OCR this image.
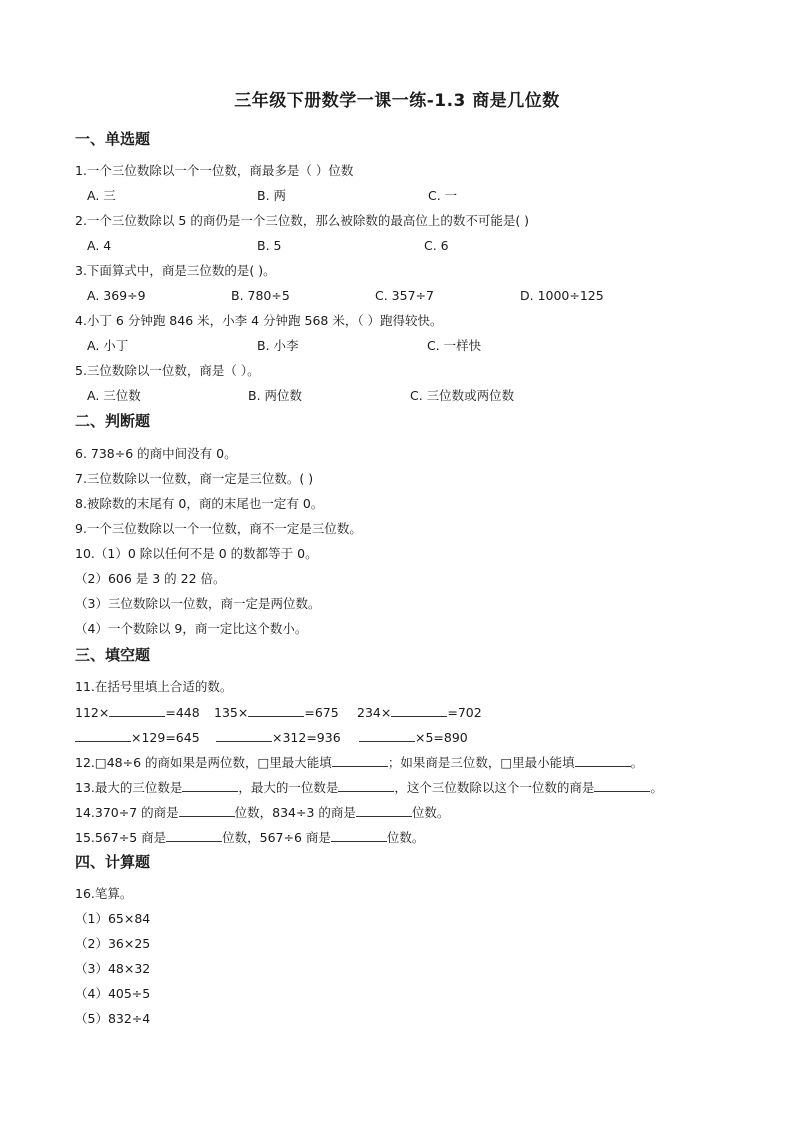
三年级下册数学一课一练-1.3 商是几位数
一、单选题
1.一个三位数除以一个一位数，商最多是（ ）位数
A. 三	B. 两	C. 一
2.一个三位数除以 5 的商仍是一个三位数，那么被除数的最高位上的数不可能是( )
A. 4	B. 5	C. 6
3.下面算式中，商是三位数的是( )。
A. 369÷9	B. 780÷5	C. 357÷7	D. 1000÷125
4.小丁 6 分钟跑 846 米，小李 4 分钟跑 568 米，（ ）跑得较快。
A. 小丁	B. 小李	C. 一样快
5.三位数除以一位数，商是（ ）。
A. 三位数	B. 两位数	C. 三位数或两位数
二、判断题
6. 738÷6 的商中间没有 0。
7.三位数除以一位数，商一定是三位数。( )
8.被除数的末尾有 0，商的末尾也一定有 0。
9.一个三位数除以一个一位数，商不一定是三位数。
10.（1）0 除以任何不是 0 的数都等于 0。
（2）606 是 3 的 22 倍。
（3）三位数除以一位数，商一定是两位数。
（4）一个数除以 9，商一定比这个数小。
三、填空题
11.在括号里填上合适的数。
112×	=448 135×	=675 234×	=702
×129=645	×312=936	×5=890
12.□48÷6 的商如果是两位数，□里最大能填	；如果商是三位数，□里最小能填	。
13.最大的三位数是	，最大的一位数是	，这个三位数除以这个一位数的商是	。
14.370÷7 的商是	位数，834÷3 的商是	位数。
15.567÷5 商是	位数，567÷6 商是	位数。
四、计算题
16.笔算。
（1）65×84
（2）36×25
（3）48×32
（4）405÷5
（5）832÷4
